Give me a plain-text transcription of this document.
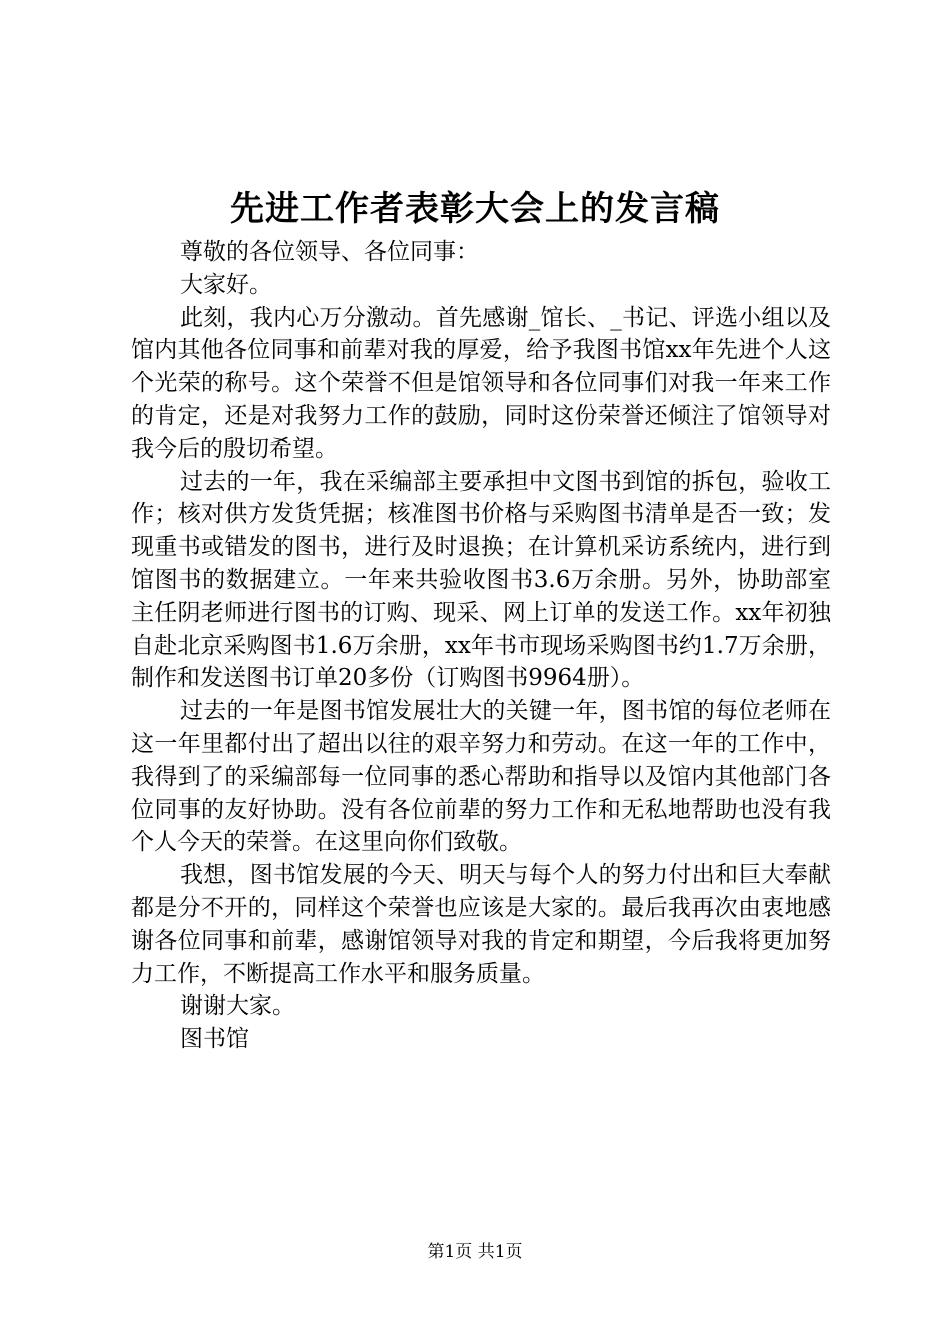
先进工作者表彰大会上的发言稿

尊敬的各位领导、各位同事：

大家好。

此刻，我内心万分激动。首先感谢_馆长、_书记、评选小组以及馆内其他各位同事和前辈对我的厚爱，给予我图书馆xx年先进个人这个光荣的称号。这个荣誉不但是馆领导和各位同事们对我一年来工作的肯定，还是对我努力工作的鼓励，同时这份荣誉还倾注了馆领导对我今后的殷切希望。

过去的一年，我在采编部主要承担中文图书到馆的拆包，验收工作；核对供方发货凭据；核准图书价格与采购图书清单是否一致；发现重书或错发的图书，进行及时退换；在计算机采访系统内，进行到馆图书的数据建立。一年来共验收图书3.6万余册。另外，协助部室主任阴老师进行图书的订购、现采、网上订单的发送工作。xx年初独自赴北京采购图书1.6万余册，xx年书市现场采购图书约1.7万余册，制作和发送图书订单20多份（订购图书9964册）。

过去的一年是图书馆发展壮大的关键一年，图书馆的每位老师在这一年里都付出了超出以往的艰辛努力和劳动。在这一年的工作中，我得到了的采编部每一位同事的悉心帮助和指导以及馆内其他部门各位同事的友好协助。没有各位前辈的努力工作和无私地帮助也没有我个人今天的荣誉。在这里向你们致敬。

我想，图书馆发展的今天、明天与每个人的努力付出和巨大奉献都是分不开的，同样这个荣誉也应该是大家的。最后我再次由衷地感谢各位同事和前辈，感谢馆领导对我的肯定和期望，今后我将更加努力工作，不断提高工作水平和服务质量。

谢谢大家。

图书馆

第1页 共1页
